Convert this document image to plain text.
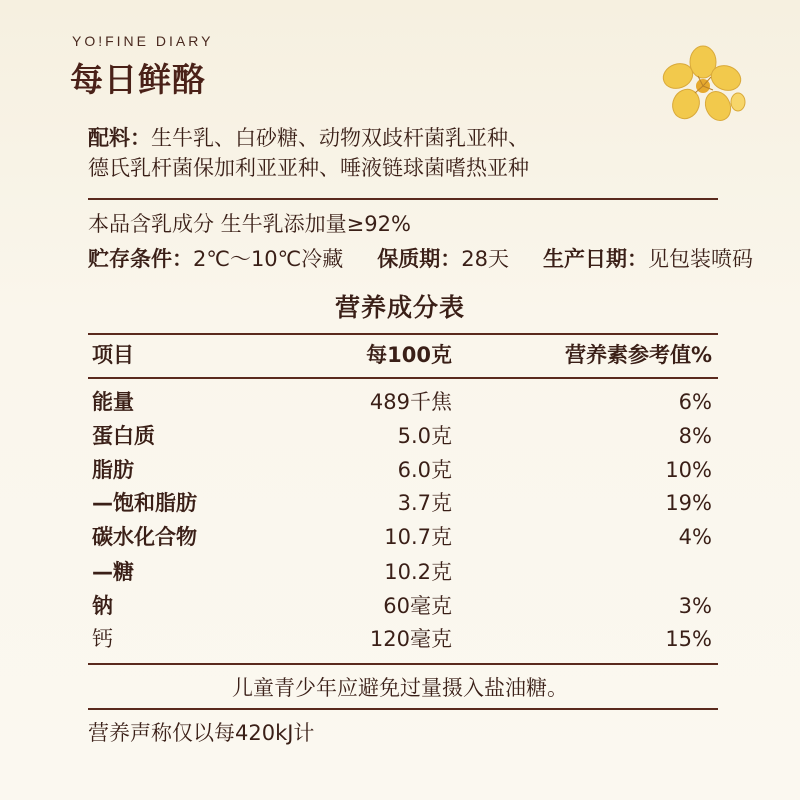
YO!FINE DIARY
每日鲜酪
配料：生牛乳、白砂糖、动物双歧杆菌乳亚种、
德氏乳杆菌保加利亚亚种、唾液链球菌嗜热亚种
本品含乳成分 生牛乳添加量≥92%
贮存条件：2℃～10℃冷藏 保质期：28天 生产日期：见包装喷码
营养成分表
项目	每100克	营养素参考值%
能量	489千焦	6%
蛋白质	5.0克	8%
脂肪	6.0克	10%
—饱和脂肪	3.7克	19%
碳水化合物	10.7克	4%
—糖	10.2克
钠	60毫克	3%
钙	120毫克	15%
儿童青少年应避免过量摄入盐油糖。
营养声称仅以每420kJ计
